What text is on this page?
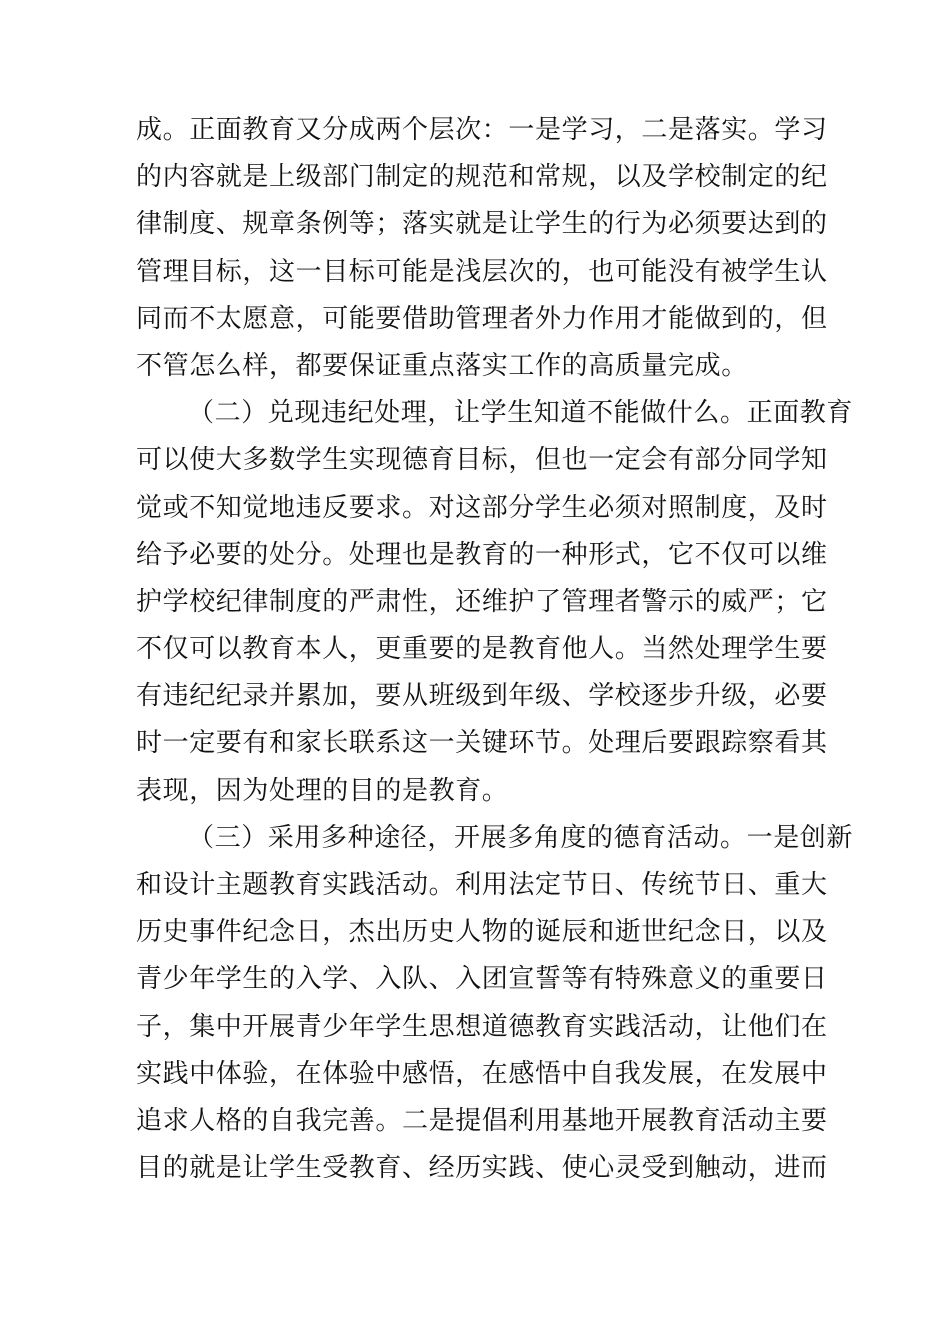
成。正面教育又分成两个层次：一是学习，二是落实。学习
的内容就是上级部门制定的规范和常规，以及学校制定的纪
律制度、规章条例等；落实就是让学生的行为必须要达到的
管理目标，这一目标可能是浅层次的，也可能没有被学生认
同而不太愿意，可能要借助管理者外力作用才能做到的，但
不管怎么样，都要保证重点落实工作的高质量完成。
（二）兑现违纪处理，让学生知道不能做什么。正面教育
可以使大多数学生实现德育目标，但也一定会有部分同学知
觉或不知觉地违反要求。对这部分学生必须对照制度，及时
给予必要的处分。处理也是教育的一种形式，它不仅可以维
护学校纪律制度的严肃性，还维护了管理者警示的威严；它
不仅可以教育本人，更重要的是教育他人。当然处理学生要
有违纪纪录并累加，要从班级到年级、学校逐步升级，必要
时一定要有和家长联系这一关键环节。处理后要跟踪察看其
表现，因为处理的目的是教育。
（三）采用多种途径，开展多角度的德育活动。一是创新
和设计主题教育实践活动。利用法定节日、传统节日、重大
历史事件纪念日，杰出历史人物的诞辰和逝世纪念日，以及
青少年学生的入学、入队、入团宣誓等有特殊意义的重要日
子，集中开展青少年学生思想道德教育实践活动，让他们在
实践中体验，在体验中感悟，在感悟中自我发展，在发展中
追求人格的自我完善。二是提倡利用基地开展教育活动主要
目的就是让学生受教育、经历实践、使心灵受到触动，进而
